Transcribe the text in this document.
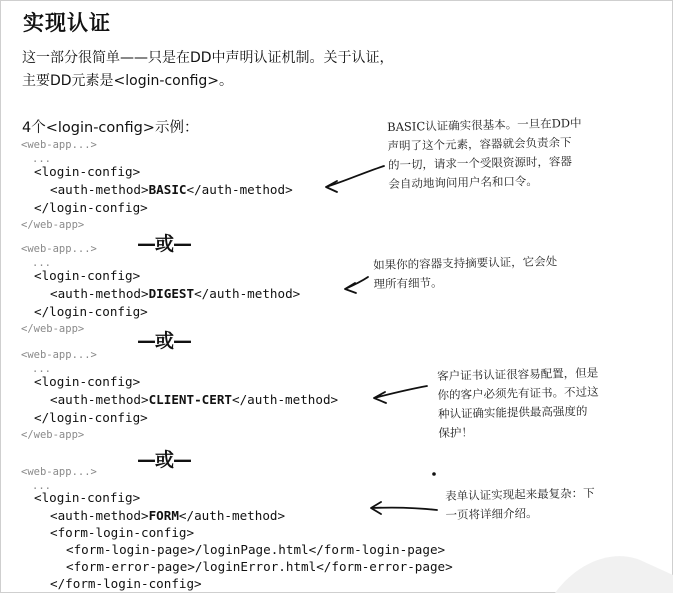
实现认证
这一部分很简单——只是在DD中声明认证机制。关于认证，
主要DD元素是<login-config>。
4个<login-config>示例：
<web-app...>
...
<login-config>
<auth-method>BASIC</auth-method>
</login-config>
</web-app>
—或—
<web-app...>
...
<login-config>
<auth-method>DIGEST</auth-method>
</login-config>
</web-app>
—或—
<web-app...>
...
<login-config>
<auth-method>CLIENT-CERT</auth-method>
</login-config>
</web-app>
—或—
<web-app...>
...
<login-config>
<auth-method>FORM</auth-method>
<form-login-config>
<form-login-page>/loginPage.html</form-login-page>
<form-error-page>/loginError.html</form-error-page>
</form-login-config>
BASIC认证确实很基本。一旦在DD中
声明了这个元素，容器就会负责余下
的一切，请求一个受限资源时，容器
会自动地询问用户名和口令。
如果你的容器支持摘要认证，它会处
理所有细节。
客户证书认证很容易配置，但是
你的客户必须先有证书。不过这
种认证确实能提供最高强度的
保护！
表单认证实现起来最复杂：下
一页将详细介绍。
